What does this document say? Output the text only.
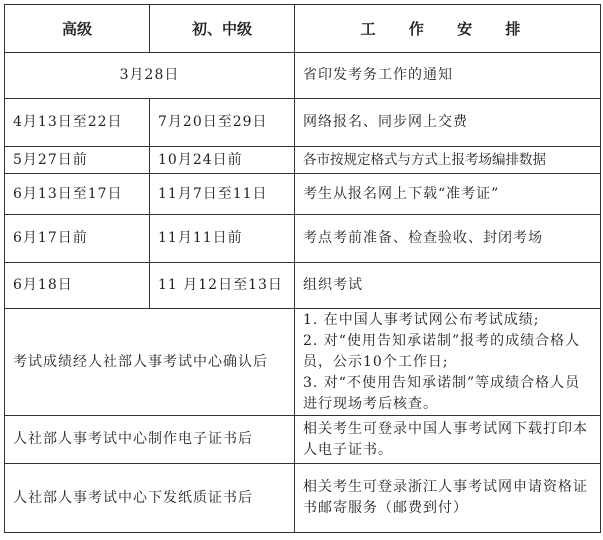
高级	初、中级	工 作 安 排
3月28日		省印发考务工作的通知
4月13日至22日	7月20日至29日	网络报名、同步网上交费
5月27日前	10月24日前	各市按规定格式与方式上报考场编排数据
6月13日至17日	11月7日至11日	考生从报名网上下载“准考证”
6月17日前	11月11日前	考点考前准备、检查验收、封闭考场
6月18日	11 月12日至13日	组织考试
考试成绩经人社部人事考试中心确认后		1. 在中国人事考试网公布考试成绩;
2. 对“使用告知承诺制”报考的成绩合格人员，公示10个工作日;
3. 对“不使用告知承诺制”等成绩合格人员进行现场考后核查。

人社部人事考试中心制作电子证书后		相关考生可登录中国人事考试网下载打印本人电子证书。
人社部人事考试中心下发纸质证书后		相关考生可登录浙江人事考试网申请资格证书邮寄服务（邮费到付）
